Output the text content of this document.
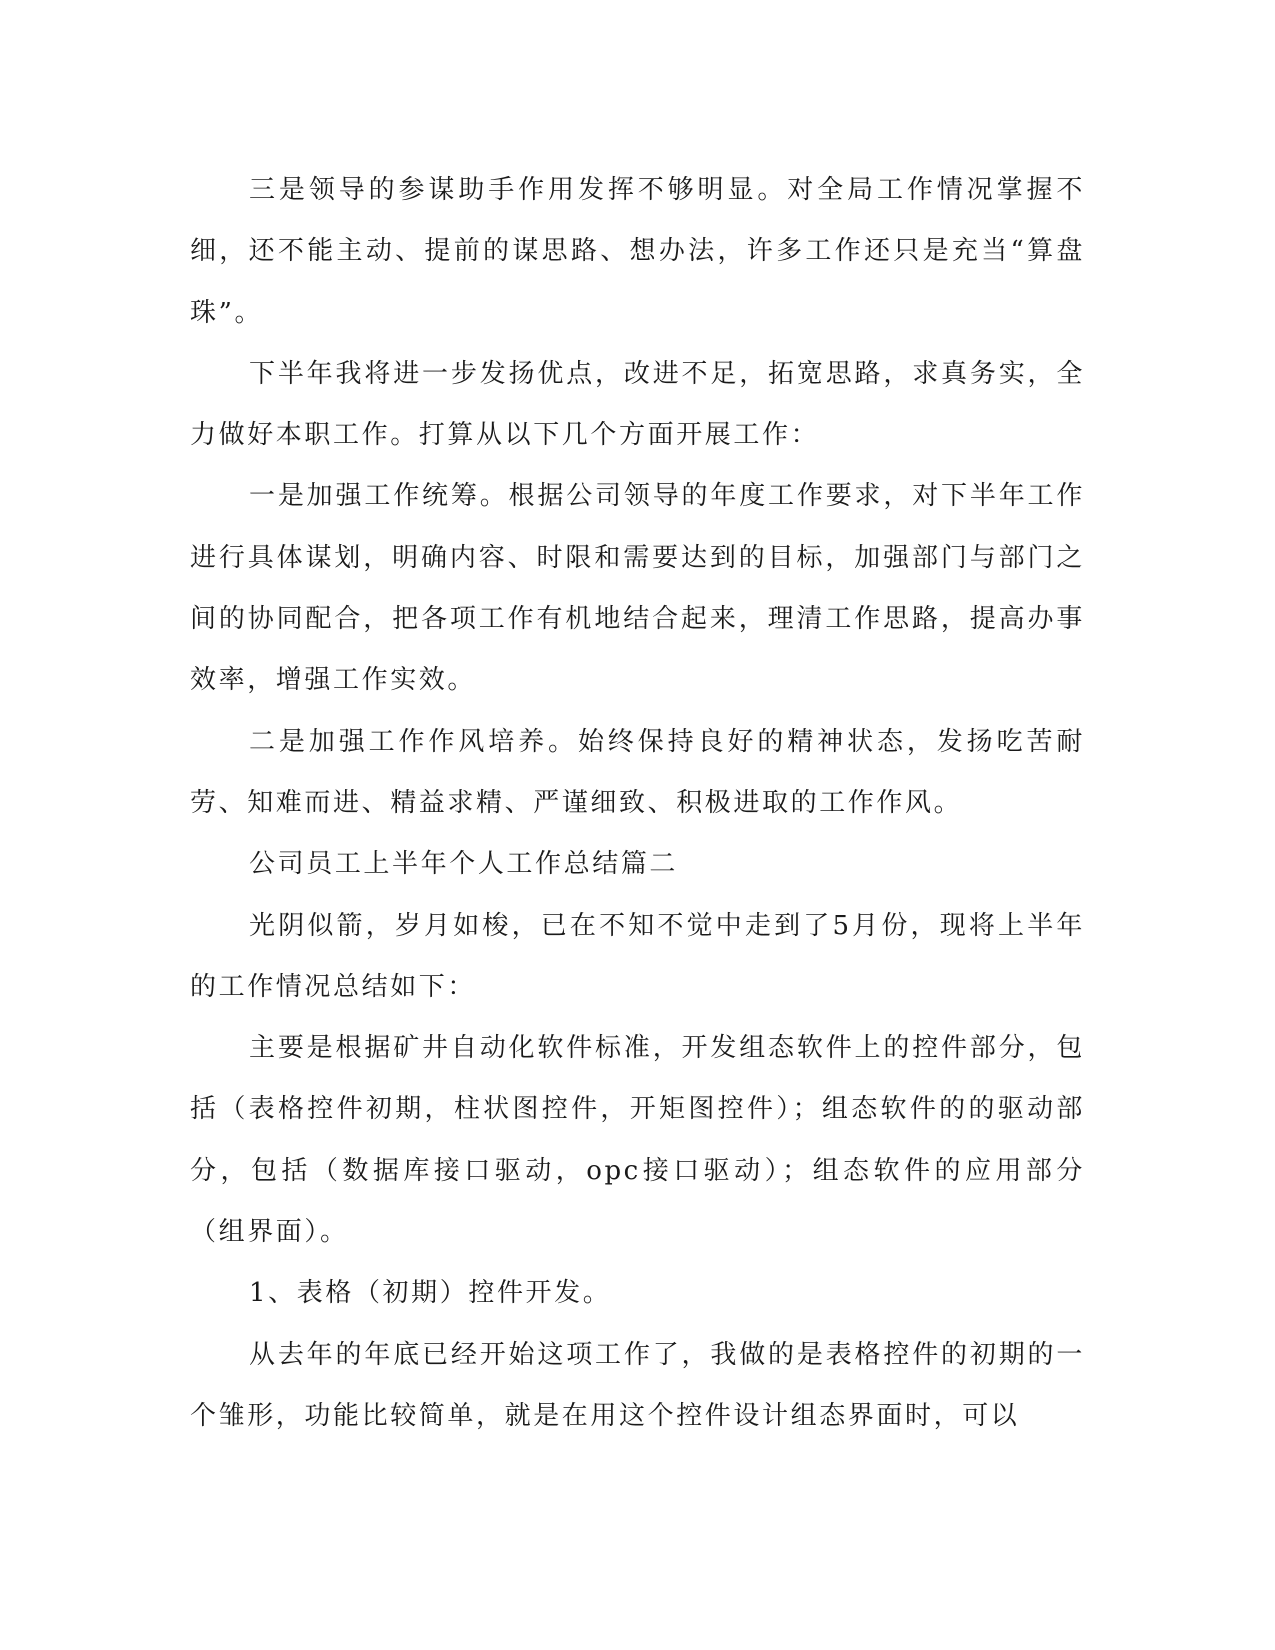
三是领导的参谋助手作用发挥不够明显。对全局工作情况掌握不细，还不能主动、提前的谋思路、想办法，许多工作还只是充当“算盘珠”。

下半年我将进一步发扬优点，改进不足，拓宽思路，求真务实，全力做好本职工作。打算从以下几个方面开展工作：

一是加强工作统筹。根据公司领导的年度工作要求，对下半年工作进行具体谋划，明确内容、时限和需要达到的目标，加强部门与部门之间的协同配合，把各项工作有机地结合起来，理清工作思路，提高办事效率，增强工作实效。

二是加强工作作风培养。始终保持良好的精神状态，发扬吃苦耐劳、知难而进、精益求精、严谨细致、积极进取的工作作风。

公司员工上半年个人工作总结篇二

光阴似箭，岁月如梭，已在不知不觉中走到了5月份，现将上半年的工作情况总结如下：

主要是根据矿井自动化软件标准，开发组态软件上的控件部分，包括（表格控件初期，柱状图控件，开矩图控件）；组态软件的的驱动部分，包括（数据库接口驱动，opc接口驱动）；组态软件的应用部分（组界面）。

1、表格（初期）控件开发。

从去年的年底已经开始这项工作了，我做的是表格控件的初期的一个雏形，功能比较简单，就是在用这个控件设计组态界面时，可以
